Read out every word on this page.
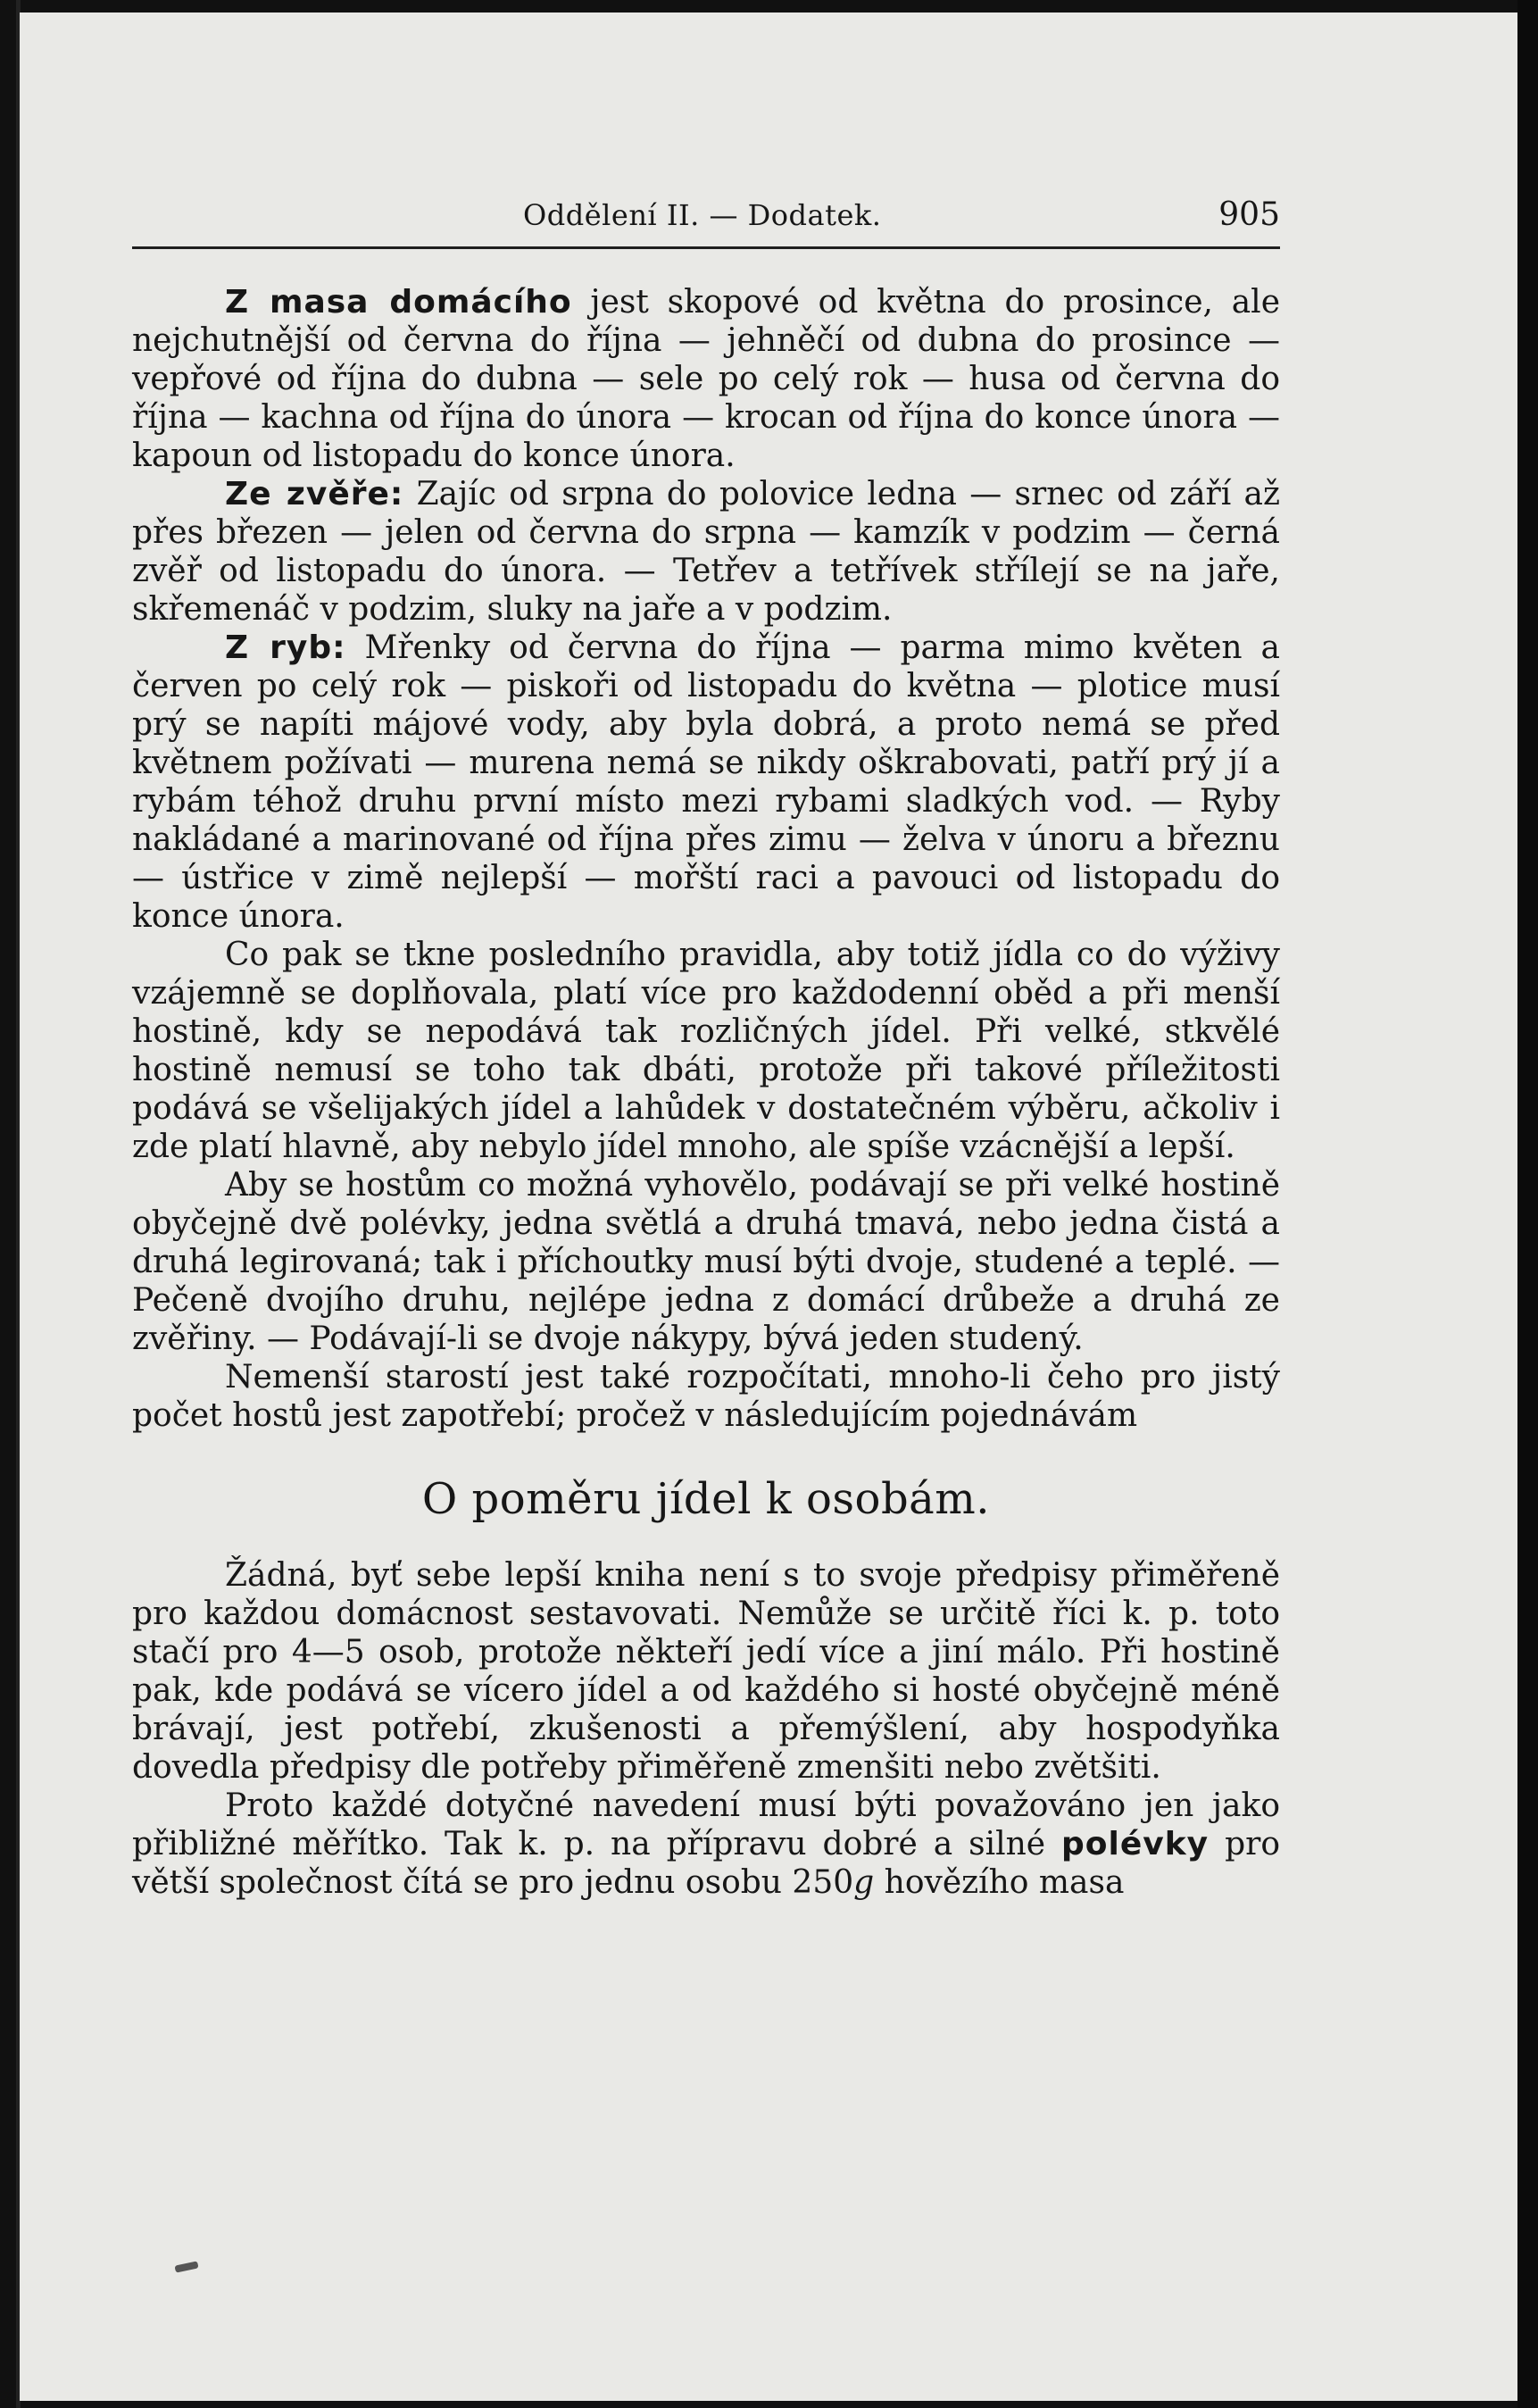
Oddělení II. — Dodatek.	905

Z masa domácího jest skopové od května do prosince, ale nejchutnější od června do října — jehněčí od dubna do prosince — vepřové od října do dubna — sele po celý rok — husa od června do října — kachna od října do února — krocan od října do konce února — kapoun od listopadu do konce února.

Ze zvěře: Zajíc od srpna do polovice ledna — srnec od září až přes březen — jelen od června do srpna — kamzík v podzim — černá zvěř od listopadu do února. — Tetřev a tetřívek střílejí se na jaře, skřemenáč v podzim, sluky na jaře a v podzim.

Z ryb: Mřenky od června do října — parma mimo květen a červen po celý rok — piskoři od listopadu do května — plotice musí prý se napíti májové vody, aby byla dobrá, a proto nemá se před květnem požívati — murena nemá se nikdy oškrabovati, patří prý jí a rybám téhož druhu první místo mezi rybami sladkých vod. — Ryby nakládané a marinované od října přes zimu — želva v únoru a březnu — ústřice v zimě nejlepší — mořští raci a pavouci od listopadu do konce února.

Co pak se tkne posledního pravidla, aby totiž jídla co do výživy vzájemně se doplňovala, platí více pro každodenní oběd a při menší hostině, kdy se nepodává tak rozličných jídel. Při velké, stkvělé hostině nemusí se toho tak dbáti, protože při takové příležitosti podává se všelijakých jídel a lahůdek v dostatečném výběru, ačkoliv i zde platí hlavně, aby nebylo jídel mnoho, ale spíše vzácnější a lepší.

Aby se hostům co možná vyhovělo, podávají se při velké hostině obyčejně dvě polévky, jedna světlá a druhá tmavá, nebo jedna čistá a druhá legirovaná; tak i příchoutky musí býti dvoje, studené a teplé. — Pečeně dvojího druhu, nejlépe jedna z domácí drůbeže a druhá ze zvěřiny. — Podávají-li se dvoje nákypy, bývá jeden studený.

Nemenší starostí jest také rozpočítati, mnoho-li čeho pro jistý počet hostů jest zapotřebí; pročež v následujícím pojednávám

O poměru jídel k osobám.

Žádná, byť sebe lepší kniha není s to svoje předpisy přiměřeně pro každou domácnost sestavovati. Nemůže se určitě říci k. p. toto stačí pro 4—5 osob, protože někteří jedí více a jiní málo. Při hostině pak, kde podává se vícero jídel a od každého si hosté obyčejně méně brávají, jest potřebí, zkušenosti a přemýšlení, aby hospodyňka dovedla předpisy dle potřeby přiměřeně zmenšiti nebo zvětšiti.

Proto každé dotyčné navedení musí býti považováno jen jako přibližné měřítko. Tak k. p. na přípravu dobré a silné polévky pro větší společnost čítá se pro jednu osobu 250g hovězího masa
